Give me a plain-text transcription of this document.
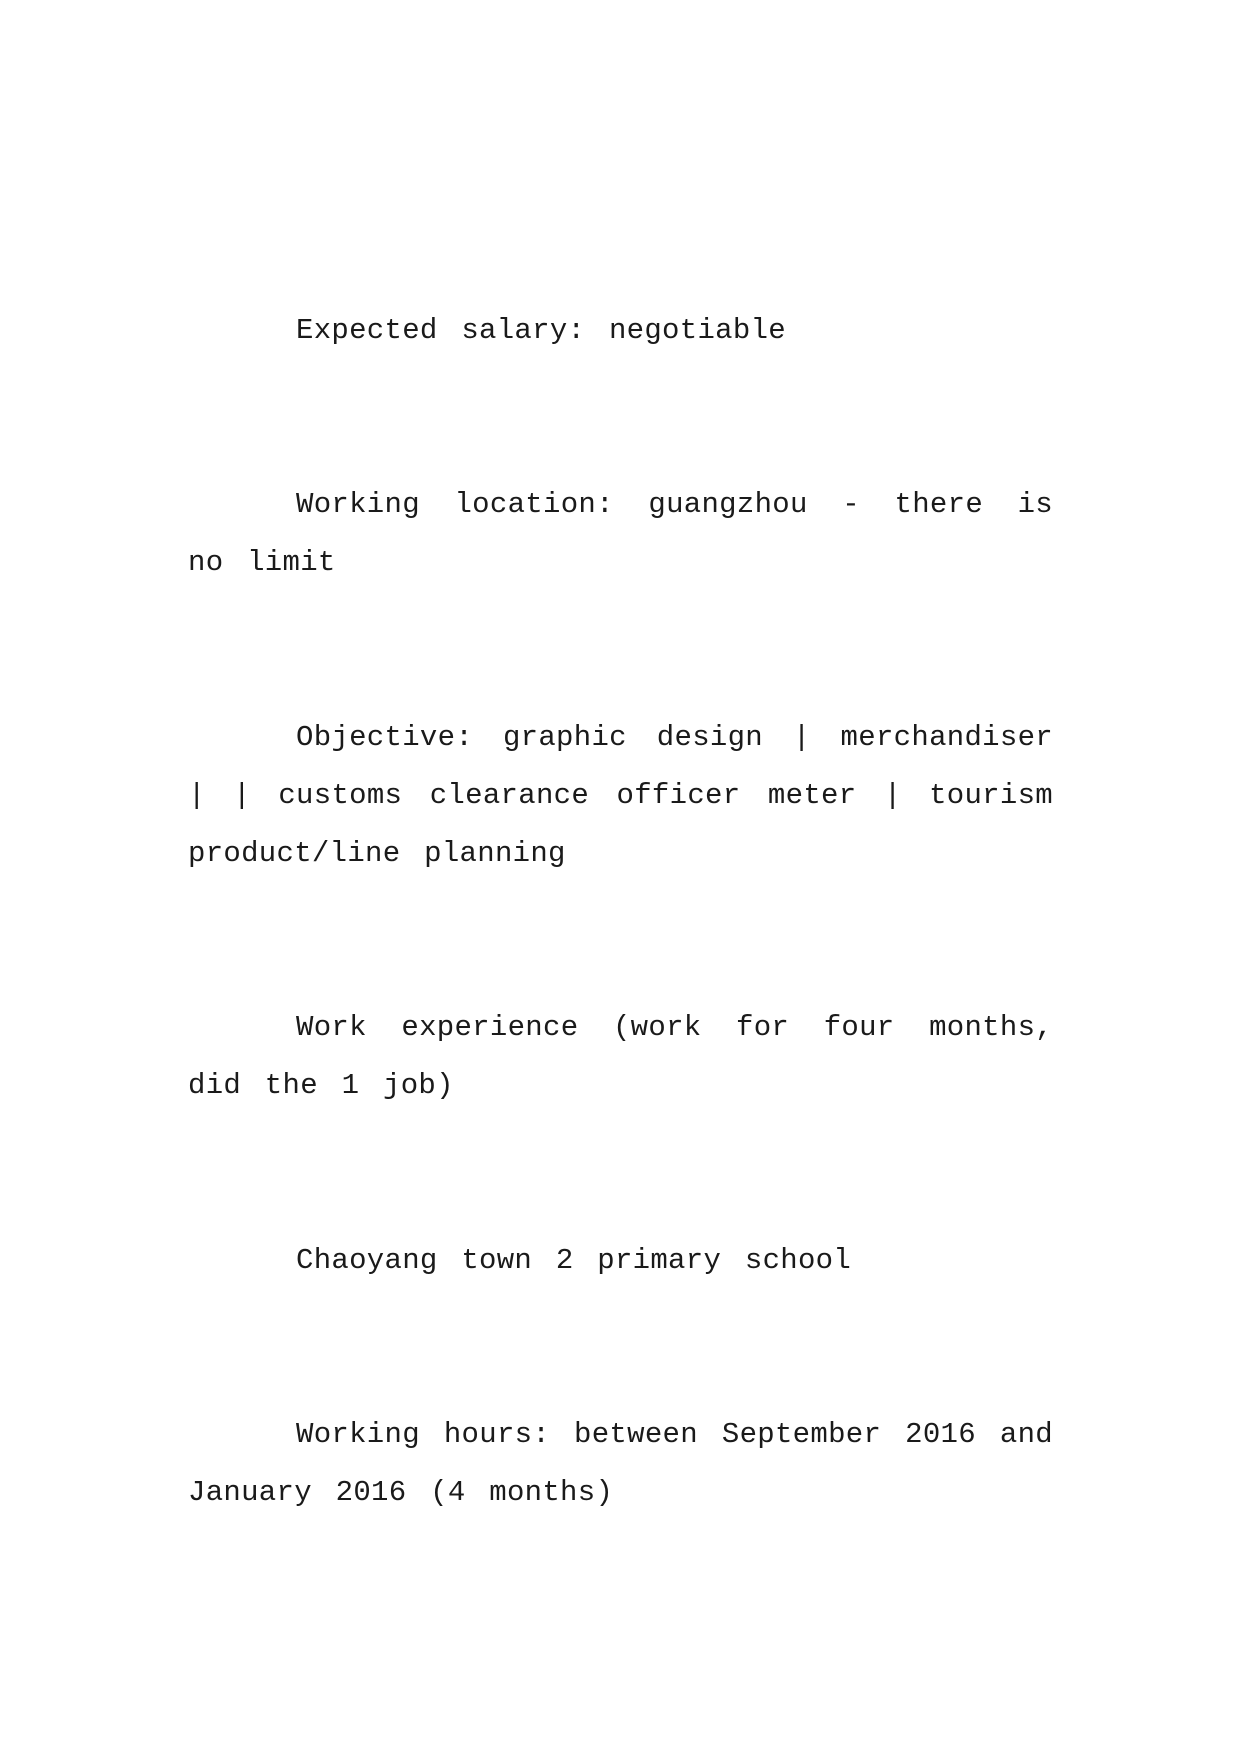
Expected salary: negotiable

Working location: guangzhou - there is no limit

Objective: graphic design | merchandiser | | customs clearance officer meter | tourism product/line planning

Work experience (work for four months, did the 1 job)

Chaoyang town 2 primary school

Working hours: between September 2016 and January 2016 (4 months)
